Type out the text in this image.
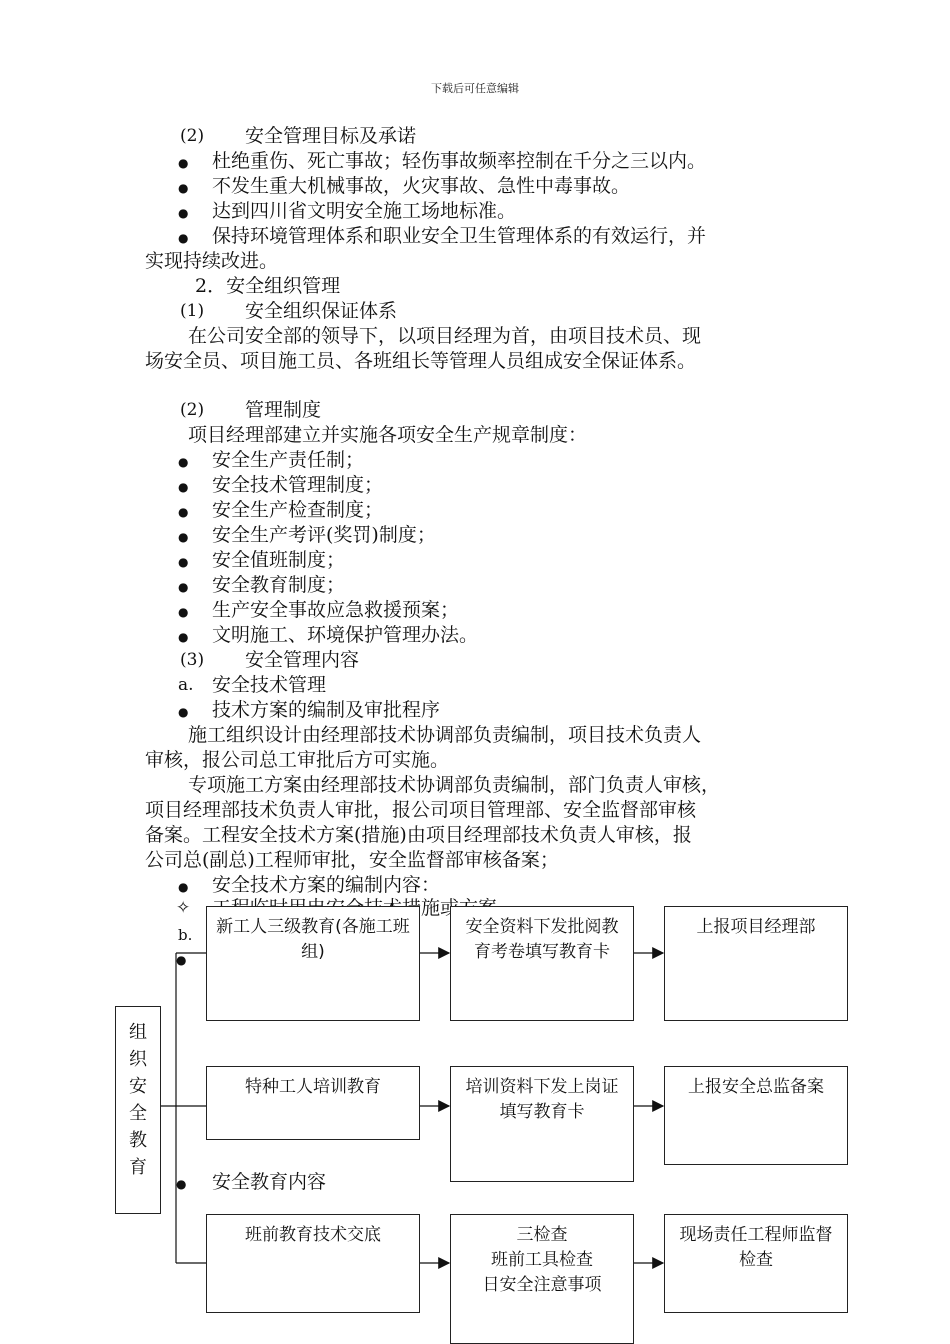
下载后可任意编辑
(2) 安全管理目标及承诺
● 杜绝重伤、死亡事故；轻伤事故频率控制在千分之三以内。
● 不发生重大机械事故，火灾事故、急性中毒事故。
● 达到四川省文明安全施工场地标准。
● 保持环境管理体系和职业安全卫生管理体系的有效运行，并
实现持续改进。
2．安全组织管理
(1) 安全组织保证体系
在公司安全部的领导下，以项目经理为首，由项目技术员、现
场安全员、项目施工员、各班组长等管理人员组成安全保证体系。
(2) 管理制度
项目经理部建立并实施各项安全生产规章制度：
● 安全生产责任制；
● 安全技术管理制度；
● 安全生产检查制度；
● 安全生产考评(奖罚)制度；
● 安全值班制度；
● 安全教育制度；
● 生产安全事故应急救援预案；
● 文明施工、环境保护管理办法。
(3) 安全管理内容
a. 安全技术管理
● 技术方案的编制及审批程序
施工组织设计由经理部技术协调部负责编制，项目技术负责人
审核，报公司总工审批后方可实施。
专项施工方案由经理部技术协调部负责编制，部门负责人审核，
项目经理部技术负责人审批，报公司项目管理部、安全监督部审核
备案。工程安全技术方案(措施)由项目经理部技术负责人审核，报
公司总(副总)工程师审批，安全监督部审核备案；
● 安全技术方案的编制内容：
✧
b.
●
组
织
安
全
教
育
新工人三级教育(各施工班组)
安全资料下发批阅教育考卷填写教育卡
上报项目经理部
特种工人培训教育	培训资料下发上岗证填写教育卡
上报安全总监备案
● 安全教育内容
班前教育技术交底	三检查
班前工具检查
日安全注意事项
现场责任工程师监督检查
